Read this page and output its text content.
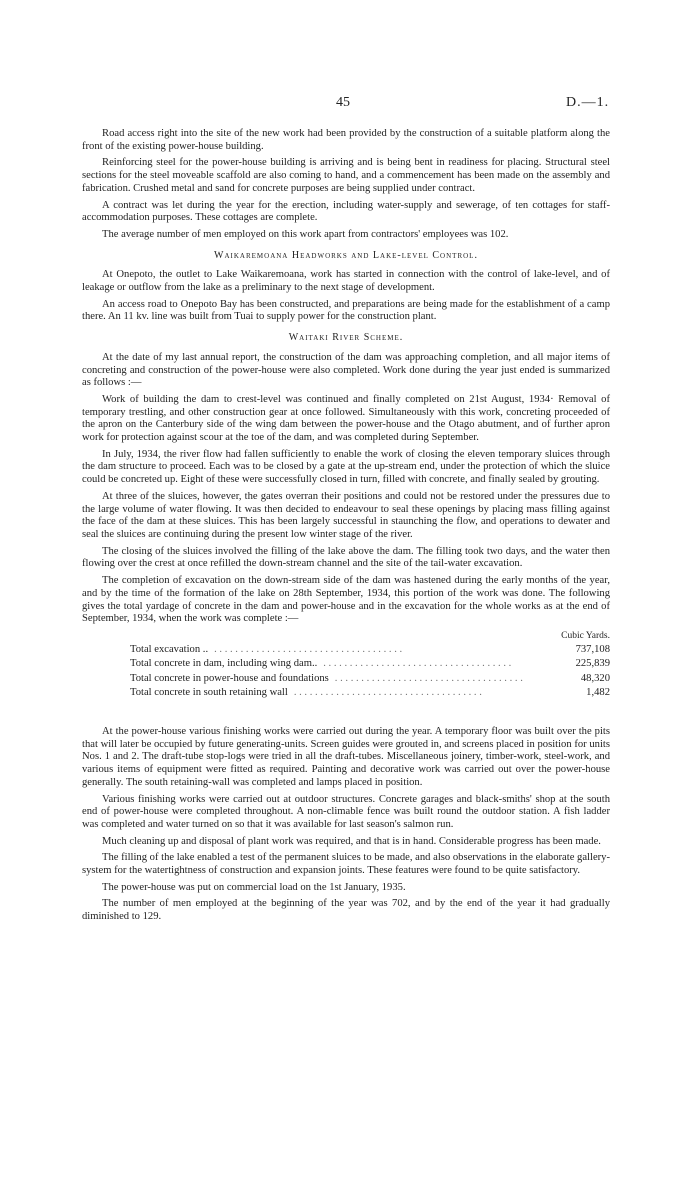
45	D.—1.

Road access right into the site of the new work had been provided by the construction of a suitable platform along the front of the existing power-house building.

Reinforcing steel for the power-house building is arriving and is being bent in readiness for placing. Structural steel sections for the steel moveable scaffold are also coming to hand, and a commencement has been made on the assembly and fabrication. Crushed metal and sand for concrete purposes are being supplied under contract.

A contract was let during the year for the erection, including water-supply and sewerage, of ten cottages for staff-accommodation purposes. These cottages are complete.

The average number of men employed on this work apart from contractors' employees was 102.

Waikaremoana Headworks and Lake-level Control.

At Onepoto, the outlet to Lake Waikaremoana, work has started in connection with the control of lake-level, and of leakage or outflow from the lake as a preliminary to the next stage of development.

An access road to Onepoto Bay has been constructed, and preparations are being made for the establishment of a camp there. An 11 kv. line was built from Tuai to supply power for the construction plant.

Waitaki River Scheme.

At the date of my last annual report, the construction of the dam was approaching completion, and all major items of concreting and construction of the power-house were also completed. Work done during the year just ended is summarized as follows :—

Work of building the dam to crest-level was continued and finally completed on 21st August, 1934· Removal of temporary trestling, and other construction gear at once followed. Simultaneously with this work, concreting proceeded of the apron on the Canterbury side of the wing dam between the power-house and the Otago abutment, and of further apron work for protection against scour at the toe of the dam, and was completed during September.

In July, 1934, the river flow had fallen sufficiently to enable the work of closing the eleven temporary sluices through the dam structure to proceed. Each was to be closed by a gate at the up-stream end, under the protection of which the sluice could be concreted up. Eight of these were successfully closed in turn, filled with concrete, and finally sealed by grouting.

At three of the sluices, however, the gates overran their positions and could not be restored under the pressures due to the large volume of water flowing. It was then decided to endeavour to seal these openings by placing mass filling against the face of the dam at these sluices. This has been largely successful in staunching the flow, and operations to dewater and seal the sluices are continuing during the present low winter stage of the river.

The closing of the sluices involved the filling of the lake above the dam. The filling took two days, and the water then flowing over the crest at once refilled the down-stream channel and the site of the tail-water excavation.

The completion of excavation on the down-stream side of the dam was hastened during the early months of the year, and by the time of the formation of the lake on 28th September, 1934, this portion of the work was done. The following gives the total yardage of concrete in the dam and power-house and in the excavation for the whole works as at the end of September, 1934, when the work was complete :—

Cubic Yards.
Total excavation .. . . . . . . . . . . . . . . . . . . . . . . . . . . . . . . . . . . . .	737,108
Total concrete in dam, including wing dam.. . . . . . . . . . . . . . . . . . . . . . . . . . . . . . . . . . . . .	225,839
Total concrete in power-house and foundations . . . . . . . . . . . . . . . . . . . . . . . . . . . . . . . . . . . .	48,320
Total concrete in south retaining wall . . . . . . . . . . . . . . . . . . . . . . . . . . . . . . . . . . . .	1,482

At the power-house various finishing works were carried out during the year. A temporary floor was built over the pits that will later be occupied by future generating-units. Screen guides were grouted in, and screens placed in position for units Nos. 1 and 2. The draft-tube stop-logs were tried in all the draft-tubes. Miscellaneous joinery, timber-work, steel-work, and various items of equipment were fitted as required. Painting and decorative work was carried out over the power-house generally. The south retaining-wall was completed and lamps placed in position.

Various finishing works were carried out at outdoor structures. Concrete garages and black-smiths' shop at the south end of power-house were completed throughout. A non-climable fence was built round the outdoor station. A fish ladder was completed and water turned on so that it was available for last season's salmon run.

Much cleaning up and disposal of plant work was required, and that is in hand. Considerable progress has been made.

The filling of the lake enabled a test of the permanent sluices to be made, and also observations in the elaborate gallery-system for the watertightness of construction and expansion joints. These features were found to be quite satisfactory.

The power-house was put on commercial load on the 1st January, 1935.

The number of men employed at the beginning of the year was 702, and by the end of the year it had gradually diminished to 129.
